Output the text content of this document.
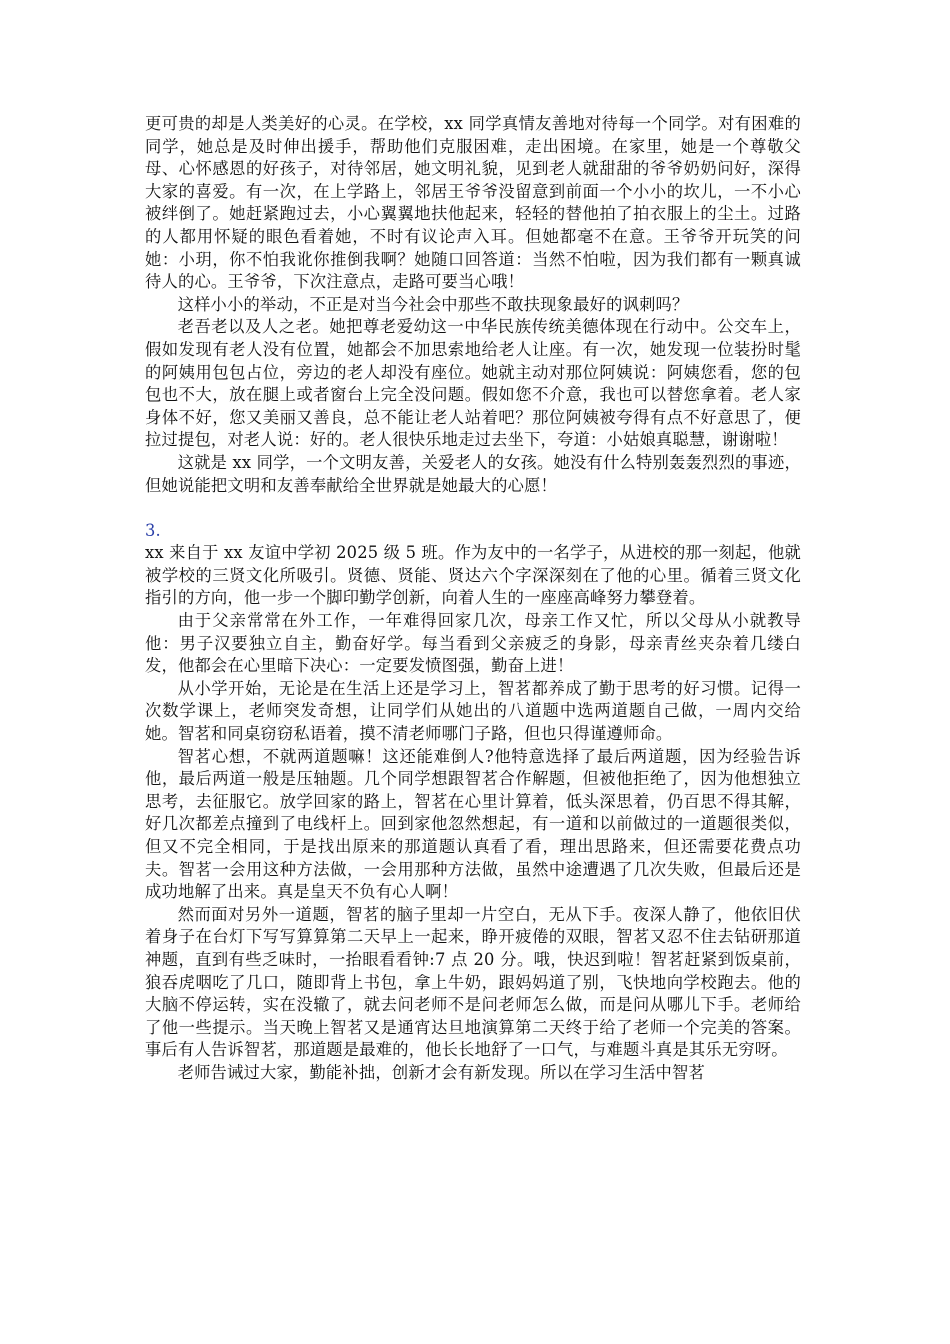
更可贵的却是人类美好的心灵。在学校，xx 同学真情友善地对待每一个同学。对有困难的同学，她总是及时伸出援手，帮助他们克服困难，走出困境。在家里，她是一个尊敬父母、心怀感恩的好孩子，对待邻居，她文明礼貌，见到老人就甜甜的爷爷奶奶问好，深得大家的喜爱。有一次，在上学路上，邻居王爷爷没留意到前面一个小小的坎儿，一不小心被绊倒了。她赶紧跑过去，小心翼翼地扶他起来，轻轻的替他拍了拍衣服上的尘土。过路的人都用怀疑的眼色看着她，不时有议论声入耳。但她都毫不在意。王爷爷开玩笑的问她：小玥，你不怕我讹你推倒我啊？她随口回答道：当然不怕啦，因为我们都有一颗真诚待人的心。王爷爷，下次注意点，走路可要当心哦！

这样小小的举动，不正是对当今社会中那些不敢扶现象最好的讽刺吗？

老吾老以及人之老。她把尊老爱幼这一中华民族传统美德体现在行动中。公交车上，假如发现有老人没有位置，她都会不加思索地给老人让座。有一次，她发现一位装扮时髦的阿姨用包包占位，旁边的老人却没有座位。她就主动对那位阿姨说：阿姨您看，您的包包也不大，放在腿上或者窗台上完全没问题。假如您不介意，我也可以替您拿着。老人家身体不好，您又美丽又善良，总不能让老人站着吧？那位阿姨被夸得有点不好意思了，便拉过提包，对老人说：好的。老人很快乐地走过去坐下，夸道：小姑娘真聪慧，谢谢啦！

这就是 xx 同学，一个文明友善，关爱老人的女孩。她没有什么特别轰轰烈烈的事迹，但她说能把文明和友善奉献给全世界就是她最大的心愿！

3.

xx 来自于 xx 友谊中学初 2025 级 5 班。作为友中的一名学子，从进校的那一刻起，他就被学校的三贤文化所吸引。贤德、贤能、贤达六个字深深刻在了他的心里。循着三贤文化指引的方向，他一步一个脚印勤学创新，向着人生的一座座高峰努力攀登着。

由于父亲常常在外工作，一年难得回家几次，母亲工作又忙，所以父母从小就教导他：男子汉要独立自主，勤奋好学。每当看到父亲疲乏的身影，母亲青丝夹杂着几缕白发，他都会在心里暗下决心：一定要发愤图强，勤奋上进！

从小学开始，无论是在生活上还是学习上，智茗都养成了勤于思考的好习惯。记得一次数学课上，老师突发奇想，让同学们从她出的八道题中选两道题自己做，一周内交给她。智茗和同桌窃窃私语着，摸不清老师哪门子路，但也只得谨遵师命。

智茗心想，不就两道题嘛！这还能难倒人?他特意选择了最后两道题，因为经验告诉他，最后两道一般是压轴题。几个同学想跟智茗合作解题，但被他拒绝了，因为他想独立思考，去征服它。放学回家的路上，智茗在心里计算着，低头深思着，仍百思不得其解，好几次都差点撞到了电线杆上。回到家他忽然想起，有一道和以前做过的一道题很类似，但又不完全相同，于是找出原来的那道题认真看了看，理出思路来，但还需要花费点功夫。智茗一会用这种方法做，一会用那种方法做，虽然中途遭遇了几次失败，但最后还是成功地解了出来。真是皇天不负有心人啊！

然而面对另外一道题，智茗的脑子里却一片空白，无从下手。夜深人静了，他依旧伏着身子在台灯下写写算算第二天早上一起来，睁开疲倦的双眼，智茗又忍不住去钻研那道神题，直到有些乏味时，一抬眼看看钟:7 点 20 分。哦，快迟到啦！智茗赶紧到饭桌前，狼吞虎咽吃了几口，随即背上书包，拿上牛奶，跟妈妈道了别，飞快地向学校跑去。他的大脑不停运转，实在没辙了，就去问老师不是问老师怎么做，而是问从哪儿下手。老师给了他一些提示。当天晚上智茗又是通宵达旦地演算第二天终于给了老师一个完美的答案。事后有人告诉智茗，那道题是最难的，他长长地舒了一口气，与难题斗真是其乐无穷呀。

老师告诫过大家，勤能补拙，创新才会有新发现。所以在学习生活中智茗
